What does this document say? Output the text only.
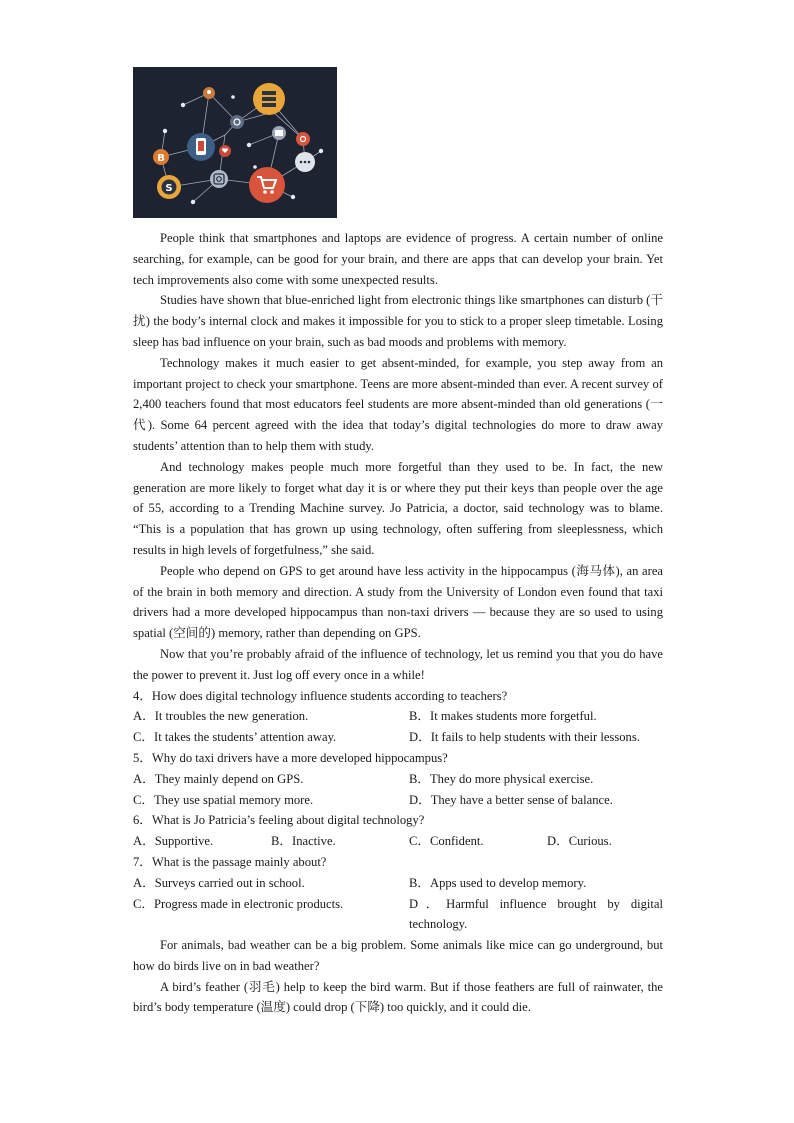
B
S

People think that smartphones and laptops are evidence of progress. A certain number of online searching, for example, can be good for your brain, and there are apps that can develop your brain. Yet tech improvements also come with some unexpected results.

Studies have shown that blue-enriched light from electronic things like smartphones can disturb (干扰) the body’s internal clock and makes it impossible for you to stick to a proper sleep timetable. Losing sleep has bad influence on your brain, such as bad moods and problems with memory.

Technology makes it much easier to get absent-minded, for example, you step away from an important project to check your smartphone. Teens are more absent-minded than ever. A recent survey of 2,400 teachers found that most educators feel students are more absent-minded than old generations (一代). Some 64 percent agreed with the idea that today’s digital technologies do more to draw away students’ attention than to help them with study.

And technology makes people much more forgetful than they used to be. In fact, the new generation are more likely to forget what day it is or where they put their keys than people over the age of 55, according to a Trending Machine survey. Jo Patricia, a doctor, said technology was to blame. “This is a population that has grown up using technology, often suffering from sleeplessness, which results in high levels of forgetfulness,” she said.

People who depend on GPS to get around have less activity in the hippocampus (海马体), an area of the brain in both memory and direction. A study from the University of London even found that taxi drivers had a more developed hippocampus than non-taxi drivers — because they are so used to using spatial (空间的) memory, rather than depending on GPS.

Now that you’re probably afraid of the influence of technology, let us remind you that you do have the power to prevent it. Just log off every once in a while!

4．How does digital technology influence students according to teachers?

A．It troubles the new generation.	B．It makes students more forgetful.

C．It takes the students’ attention away.	D．It fails to help students with their lessons.

5．Why do taxi drivers have a more developed hippocampus?

A．They mainly depend on GPS.	B．They do more physical exercise.

C．They use spatial memory more.	D．They have a better sense of balance.

6．What is Jo Patricia’s feeling about digital technology?

A．Supportive.	B．Inactive.	C．Confident.	D．Curious.

7．What is the passage mainly about?

A．Surveys carried out in school.	B．Apps used to develop memory.

C．Progress made in electronic products.	D．Harmful influence brought by digital technology.

For animals, bad weather can be a big problem. Some animals like mice can go underground, but how do birds live on in bad weather?

A bird’s feather (羽毛) help to keep the bird warm. But if those feathers are full of rainwater, the bird’s body temperature (温度) could drop (下降) too quickly, and it could die.
